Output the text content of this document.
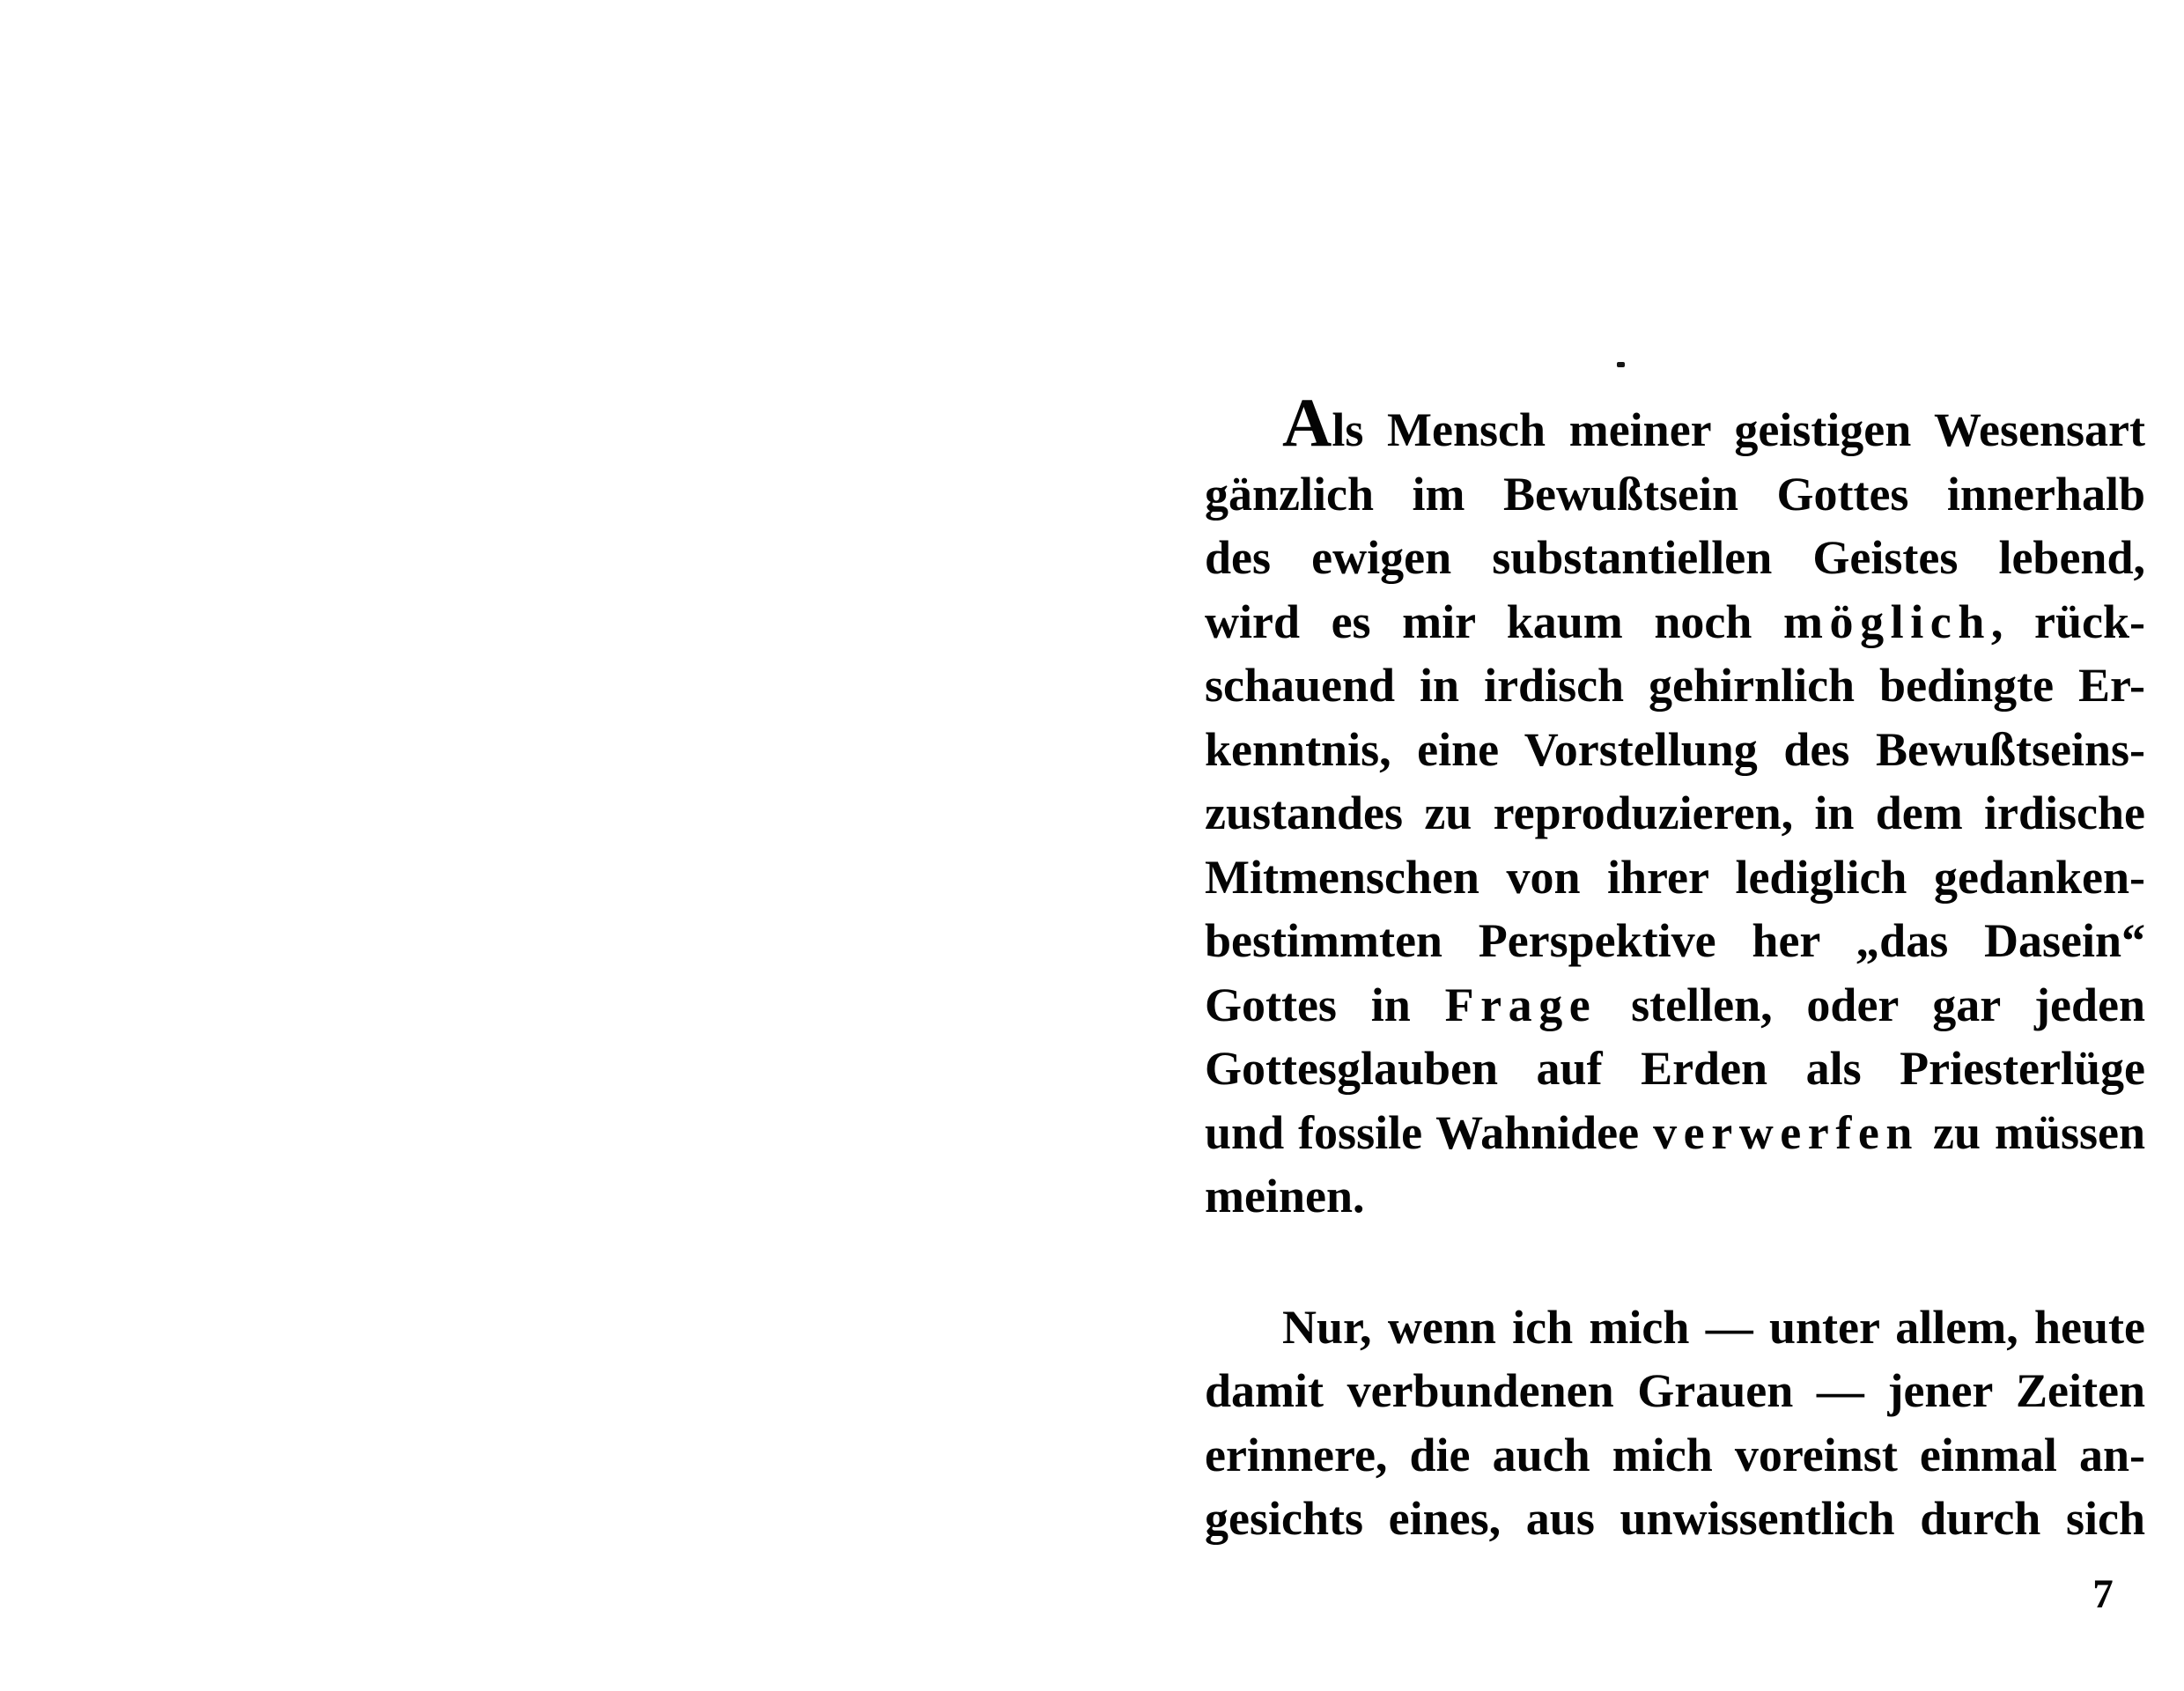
Als Mensch meiner geistigen Wesensart
gänzlich im Bewußtsein Gottes innerhalb
des ewigen substantiellen Geistes lebend,
wird es mir kaum noch möglich, rück-
schauend in irdisch gehirnlich bedingte Er-
kenntnis, eine Vorstellung des Bewußtseins-
zustandes zu reproduzieren, in dem irdische
Mitmenschen von ihrer lediglich gedanken-
bestimmten Perspektive her „das Dasein“
Gottes in Frage stellen, oder gar jeden
Gottesglauben auf Erden als Priesterlüge
und fossile Wahnidee verwerfen zu müssen
meinen.
Nur, wenn ich mich — unter allem, heute
damit verbundenen Grauen — jener Zeiten
erinnere, die auch mich voreinst einmal an-
gesichts eines, aus unwissentlich durch sich
7
